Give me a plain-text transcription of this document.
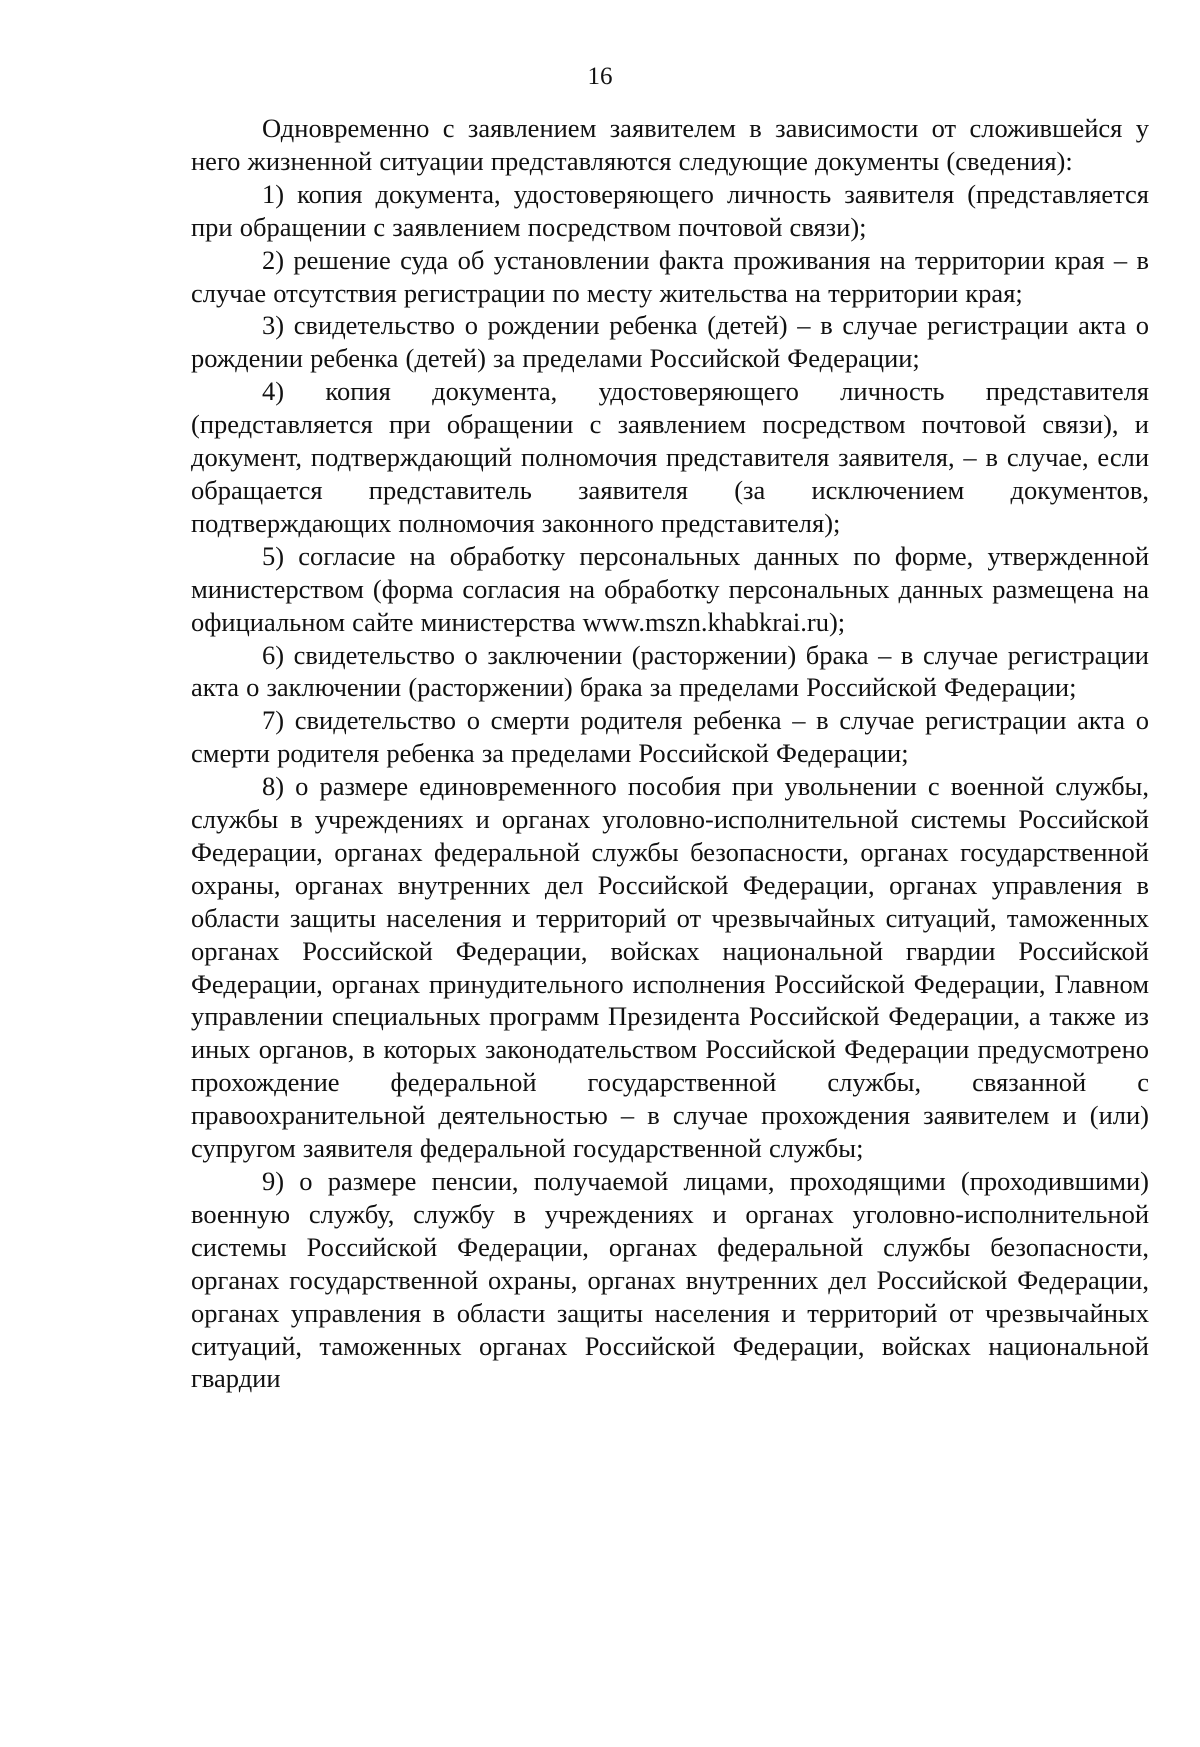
16

Одновременно с заявлением заявителем в зависимости от сложившейся у него жизненной ситуации представляются следующие документы (сведения):

1) копия документа, удостоверяющего личность заявителя (представляется при обращении с заявлением посредством почтовой связи);

2) решение суда об установлении факта проживания на территории края – в случае отсутствия регистрации по месту жительства на территории края;

3) свидетельство о рождении ребенка (детей) – в случае регистрации акта о рождении ребенка (детей) за пределами Российской Федерации;

4) копия документа, удостоверяющего личность представителя (представляется при обращении с заявлением посредством почтовой связи), и документ, подтверждающий полномочия представителя заявителя, – в случае, если обращается представитель заявителя (за исключением документов, подтверждающих полномочия законного представителя);

5) согласие на обработку персональных данных по форме, утвержденной министерством (форма согласия на обработку персональных данных размещена на официальном сайте министерства www.mszn.khabkrai.ru);

6) свидетельство о заключении (расторжении) брака – в случае регистрации акта о заключении (расторжении) брака за пределами Российской Федерации;

7) свидетельство о смерти родителя ребенка – в случае регистрации акта о смерти родителя ребенка за пределами Российской Федерации;

8) о размере единовременного пособия при увольнении с военной службы, службы в учреждениях и органах уголовно-исполнительной системы Российской Федерации, органах федеральной службы безопасности, органах государственной охраны, органах внутренних дел Российской Федерации, органах управления в области защиты населения и территорий от чрезвычайных ситуаций, таможенных органах Российской Федерации, войсках национальной гвардии Российской Федерации, органах принудительного исполнения Российской Федерации, Главном управлении специальных программ Президента Российской Федерации, а также из иных органов, в которых законодательством Российской Федерации предусмотрено прохождение федеральной государственной службы, связанной с правоохранительной деятельностью – в случае прохождения заявителем и (или) супругом заявителя федеральной государственной службы;

9) о размере пенсии, получаемой лицами, проходящими (проходившими) военную службу, службу в учреждениях и органах уголовно-исполнительной системы Российской Федерации, органах федеральной службы безопасности, органах государственной охраны, органах внутренних дел Российской Федерации, органах управления в области защиты населения и территорий от чрезвычайных ситуаций, таможенных органах Российской Федерации, войсках национальной гвардии
